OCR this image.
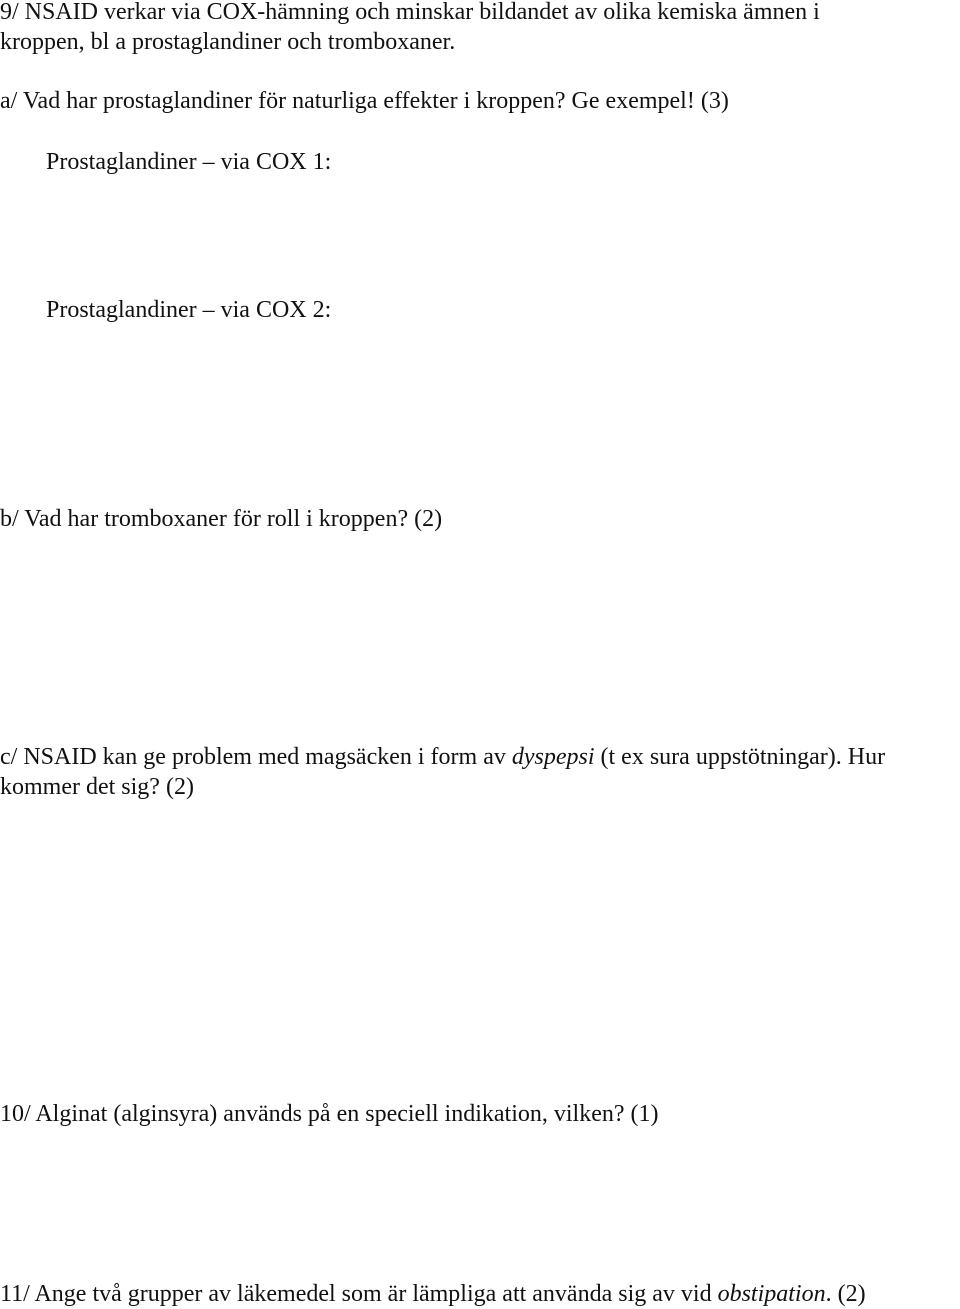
9/ NSAID verkar via COX-hämning och minskar bildandet av olika kemiska ämnen i
kroppen, bl a prostaglandiner och tromboxaner.
a/ Vad har prostaglandiner för naturliga effekter i kroppen? Ge exempel! (3)
Prostaglandiner – via COX 1:
Prostaglandiner – via COX 2:
b/ Vad har tromboxaner för roll i kroppen? (2)
c/ NSAID kan ge problem med magsäcken i form av dyspepsi (t ex sura uppstötningar). Hur
kommer det sig? (2)
10/ Alginat (alginsyra) används på en speciell indikation, vilken? (1)
11/ Ange två grupper av läkemedel som är lämpliga att använda sig av vid obstipation. (2)
